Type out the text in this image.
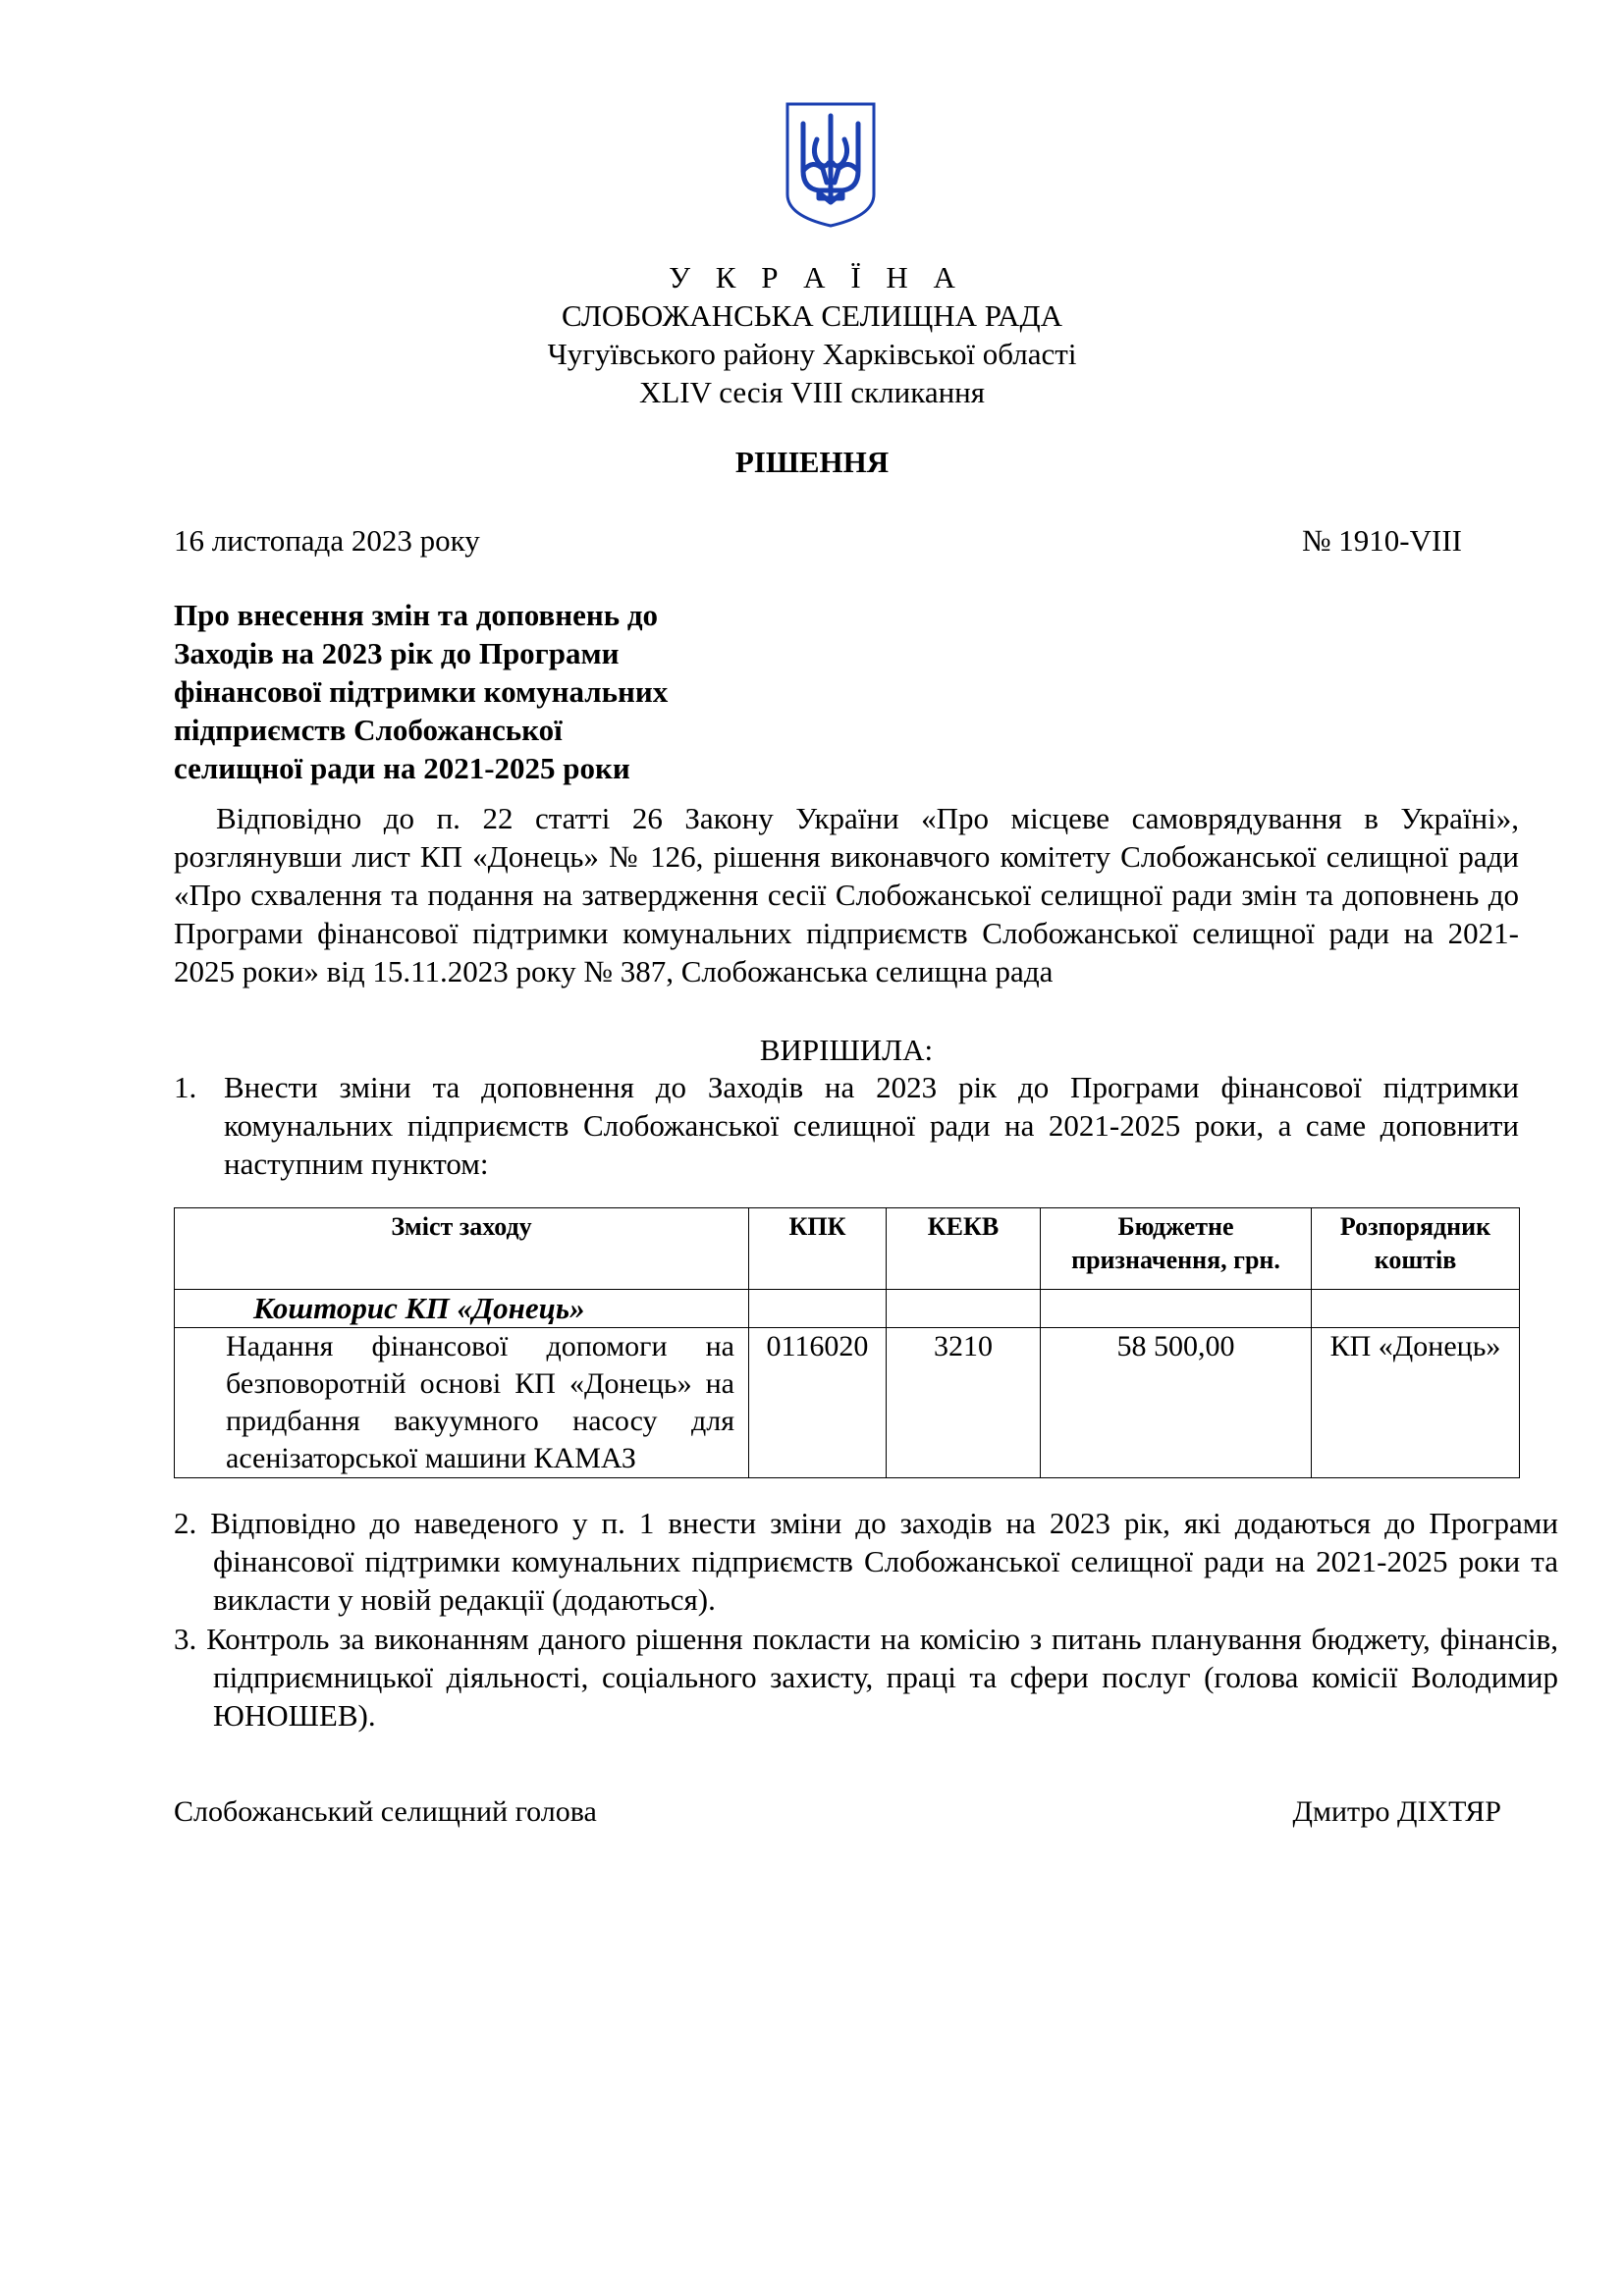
У К Р А Ї Н А
СЛОБОЖАНСЬКА СЕЛИЩНА РАДА
Чугуївського району Харківської області
XLIV сесія VIII скликання
РІШЕННЯ
16 листопада 2023 року	№ 1910-VIII
Про внесення змін та доповнень до
Заходів на 2023 рік до Програми
фінансової підтримки комунальних
підприємств Слобожанської
селищної ради на 2021-2025 роки
Відповідно до п. 22 статті 26 Закону України «Про місцеве самоврядування в Україні», розглянувши лист КП «Донець» № 126, рішення виконавчого комітету Слобожанської селищної ради «Про схвалення та подання на затвердження сесії Слобожанської селищної ради змін та доповнень до Програми фінансової підтримки комунальних підприємств Слобожанської селищної ради на 2021-2025 роки» від 15.11.2023 року № 387, Слобожанська селищна рада
ВИРІШИЛА:
1. Внести зміни та доповнення до Заходів на 2023 рік до Програми фінансової підтримки комунальних підприємств Слобожанської селищної ради на 2021-2025 роки, а саме доповнити наступним пунктом:
Зміст заходу	КПК	КЕКВ	Бюджетне призначення, грн.	Розпорядник коштів
Кошторис КП «Донець»				

Надання фінансової допомоги на безповоротній основі КП «Донець» на придбання вакуумного насосу для асенізаторської машини КАМАЗ	0116020	3210	58 500,00	КП «Донець»
2. Відповідно до наведеного у п. 1 внести зміни до заходів на 2023 рік, які додаються до Програми фінансової підтримки комунальних підприємств Слобожанської селищної ради на 2021-2025 роки та викласти у новій редакції (додаються).
3. Контроль за виконанням даного рішення покласти на комісію з питань планування бюджету, фінансів, підприємницької діяльності, соціального захисту, праці та сфери послуг (голова комісії Володимир ЮНОШЕВ).
Слобожанський селищний голова	Дмитро ДІХТЯР
